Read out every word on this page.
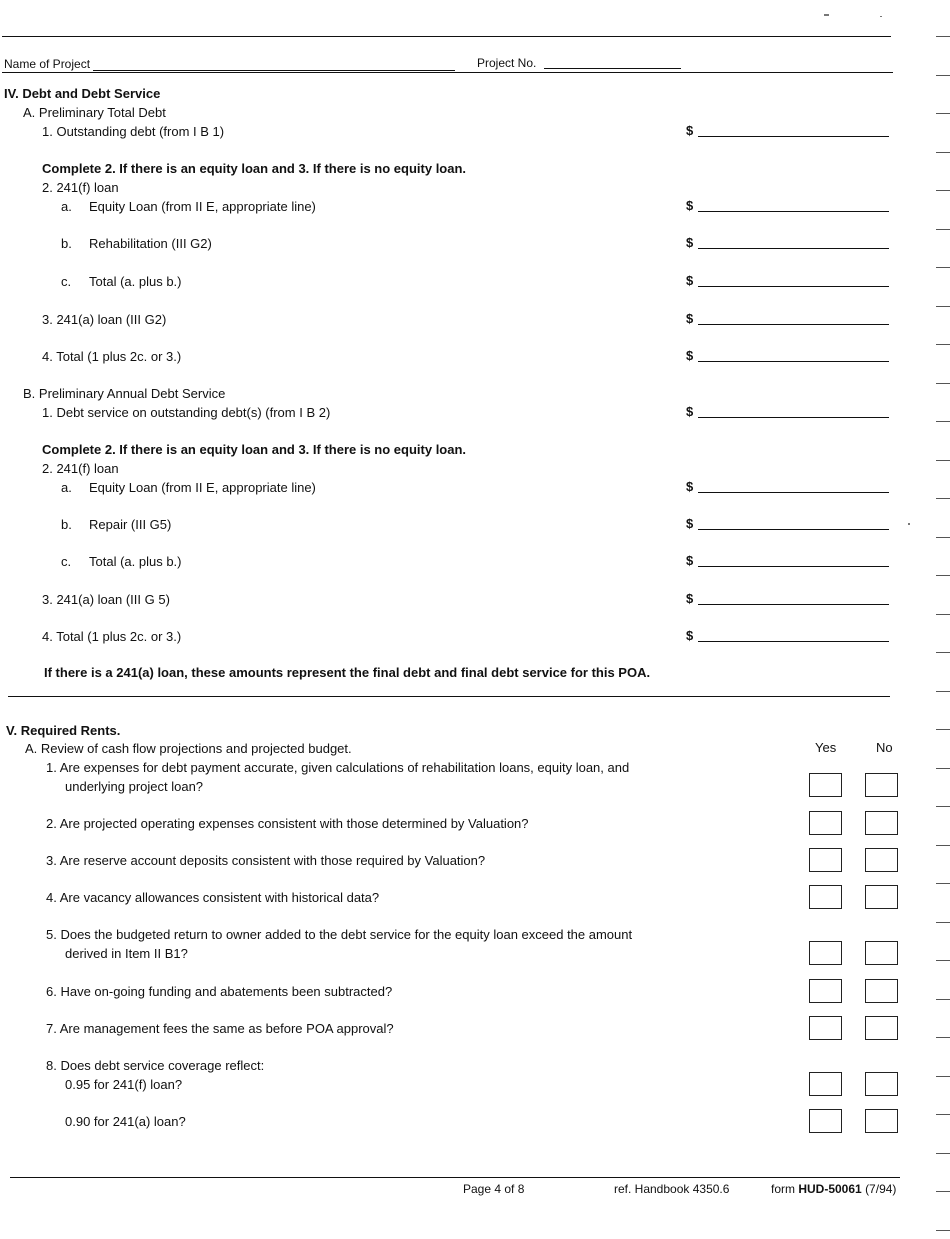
Name of Project	Project No.
IV. Debt and Debt Service
A. Preliminary Total Debt
1. Outstanding debt (from I B 1)	$
Complete 2. If there is an equity loan and 3. If there is no equity loan.
2. 241(f) loan
a. Equity Loan (from II E, appropriate line)	$
b. Rehabilitation (III G2)	$
c. Total (a. plus b.)	$
3. 241(a) loan (III G2)	$
4. Total (1 plus 2c. or 3.)	$
B. Preliminary Annual Debt Service
1. Debt service on outstanding debt(s) (from I B 2)	$
Complete 2. If there is an equity loan and 3. If there is no equity loan.
2. 241(f) loan
a. Equity Loan (from II E, appropriate line)	$
b. Repair (III G5)	$
c. Total (a. plus b.)	$
3. 241(a) loan (III G 5)	$
4. Total (1 plus 2c. or 3.)	$
If there is a 241(a) loan, these amounts represent the final debt and final debt service for this POA.
V. Required Rents.
A. Review of cash flow projections and projected budget.	Yes	No
1. Are expenses for debt payment accurate, given calculations of rehabilitation loans, equity loan, and
underlying project loan?
2. Are projected operating expenses consistent with those determined by Valuation?
3. Are reserve account deposits consistent with those required by Valuation?
4. Are vacancy allowances consistent with historical data?
5. Does the budgeted return to owner added to the debt service for the equity loan exceed the amount
derived in Item II B1?
6. Have on-going funding and abatements been subtracted?
7. Are management fees the same as before POA approval?
8. Does debt service coverage reflect:
0.95 for 241(f) loan?
0.90 for 241(a) loan?
Page 4 of 8	ref. Handbook 4350.6	form HUD-50061 (7/94)
